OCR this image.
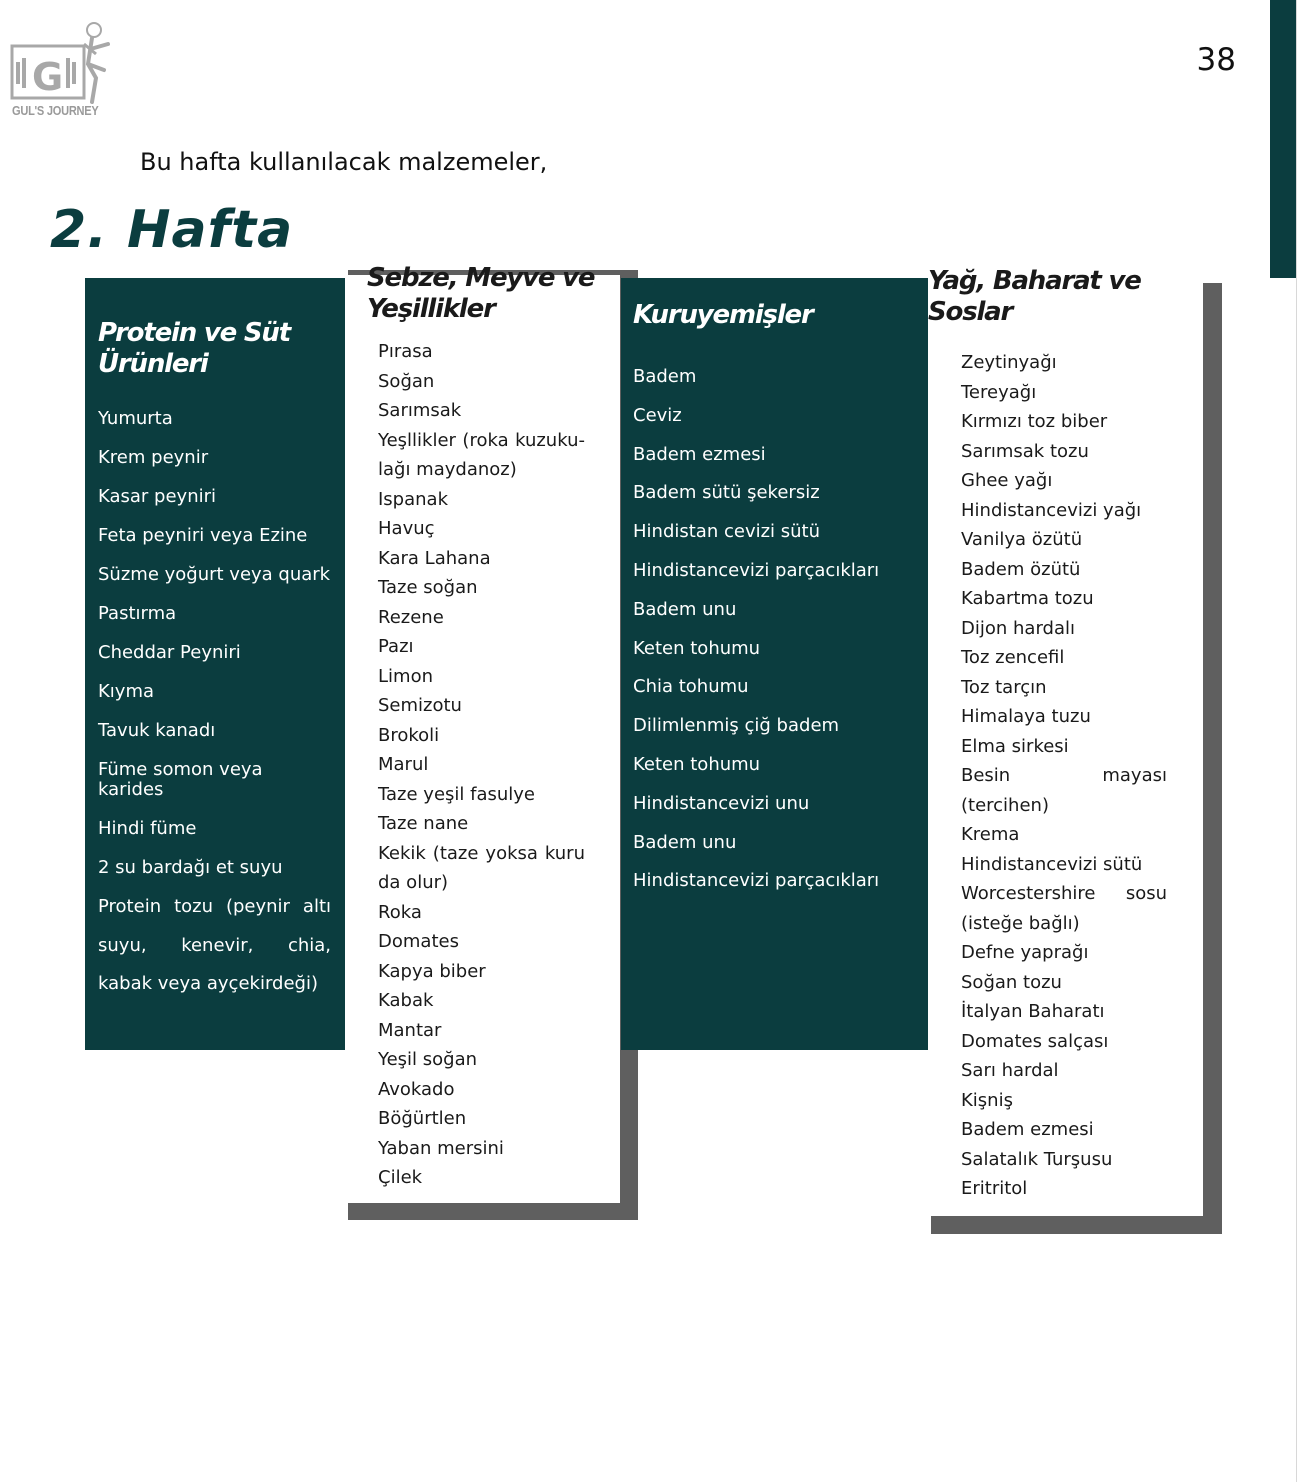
38
G
GUL'S JOURNEY
Bu hafta kullanılacak malzemeler,
2. Hafta
Protein ve Süt Ürünleri
Yumurta
Krem peynir
Kasar peyniri
Feta peyniri veya Ezine
Süzme yoğurt veya quark
Pastırma
Cheddar Peyniri
Kıyma
Tavuk kanadı
Füme somon veya karides
Hindi füme
2 su bardağı et suyu
Protein tozu (peynir altı suyu, kenevir, chia, kabak veya ayçekirdeği)
Sebze, Meyve ve Yeşillikler
Pırasa
Soğan
Sarımsak
Yeşllikler (roka kuzuku-lağı maydanoz)
Ispanak
Havuç
Kara Lahana
Taze soğan
Rezene
Pazı
Limon
Semizotu
Brokoli
Marul
Taze yeşil fasulye
Taze nane
Kekik (taze yoksa kuru da olur)
Roka
Domates
Kapya biber
Kabak
Mantar
Yeşil soğan
Avokado
Böğürtlen
Yaban mersini
Çilek
Kuruyemişler
Badem
Ceviz
Badem ezmesi
Badem sütü şekersiz
Hindistan cevizi sütü
Hindistancevizi parçacıkları
Badem unu
Keten tohumu
Chia tohumu
Dilimlenmiş çiğ badem
Keten tohumu
Hindistancevizi unu
Badem unu
Hindistancevizi parçacıkları
Yağ, Baharat ve Soslar
Zeytinyağı
Tereyağı
Kırmızı toz biber
Sarımsak tozu
Ghee yağı
Hindistancevizi yağı
Vanilya özütü
Badem özütü
Kabartma tozu
Dijon hardalı
Toz zencefil
Toz tarçın
Himalaya tuzu
Elma sirkesi
Besin mayası (tercihen)
Krema
Hindistancevizi sütü
Worcestershire sosu (isteğe bağlı)
Defne yaprağı
Soğan tozu
İtalyan Baharatı
Domates salçası
Sarı hardal
Kişniş
Badem ezmesi
Salatalık Turşusu
Eritritol
